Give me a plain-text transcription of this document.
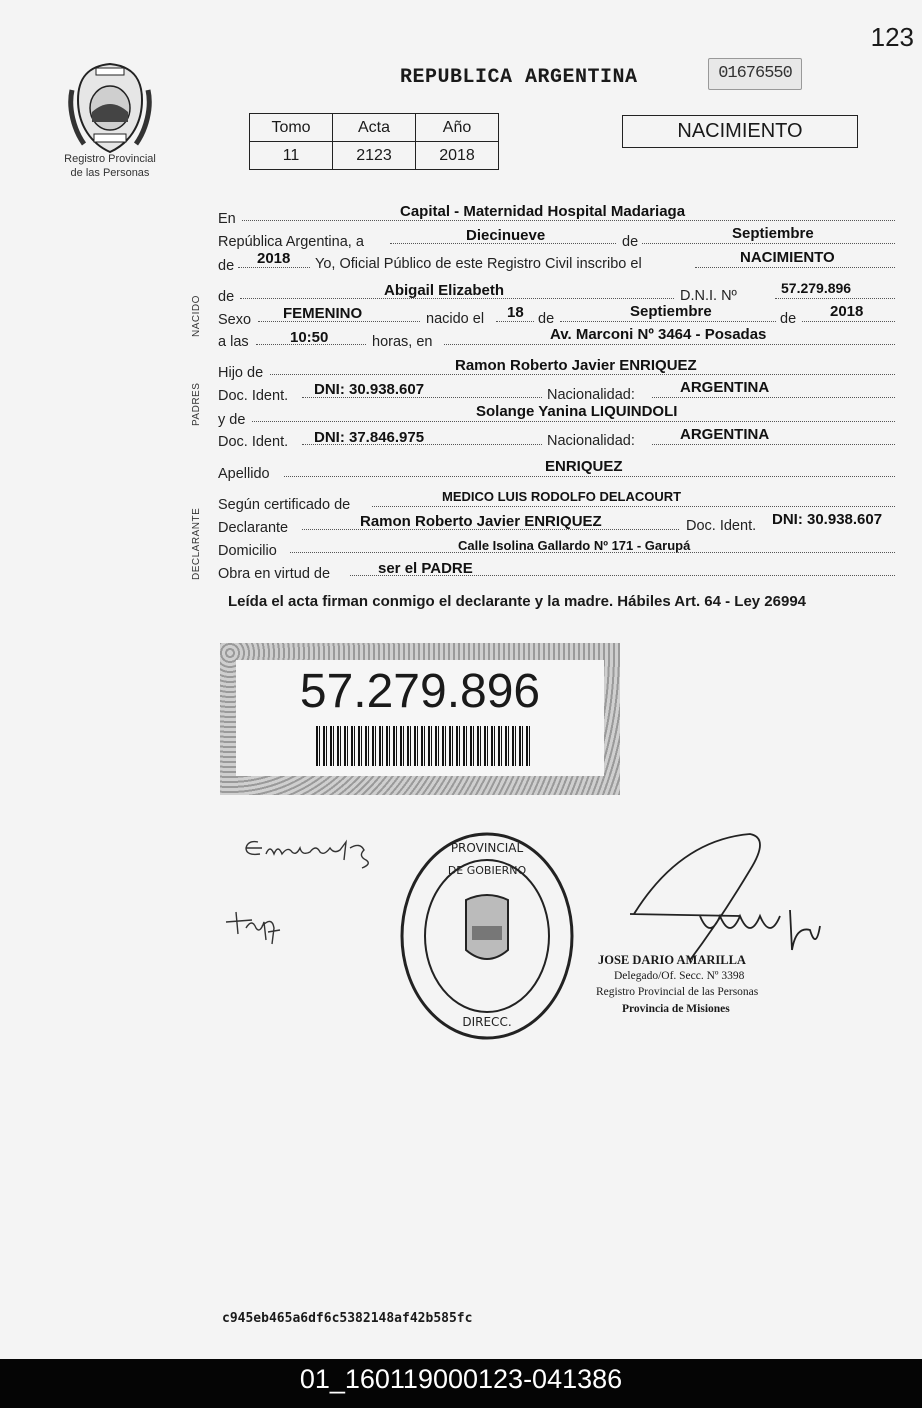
123
Registro Provincial
de las Personas
REPUBLICA ARGENTINA	01676550
Tomo	Acta	Año
11	2123	2018
NACIMIENTO
En	Capital - Maternidad Hospital Madariaga
República Argentina, a	Diecinueve	de	Septiembre
de 2018 Yo, Oficial Público de este Registro Civil inscribo el	NACIMIENTO
NACIDO de	Abigail Elizabeth	D.N.I. Nº	57.279.896
Sexo FEMENINO	nacido el 18 de	Septiembre	de 2018
a las	10:50	horas, en	Av. Marconi Nº 3464 - Posadas
PADRES
Hijo de	Ramon Roberto Javier ENRIQUEZ
Doc. Ident. DNI: 30.938.607	Nacionalidad:	ARGENTINA
y de	Solange Yanina LIQUINDOLI
Doc. Ident. DNI: 37.846.975	Nacionalidad:	ARGENTINA
Apellido	ENRIQUEZ
DECLARANTE
Según certificado de
MEDICO LUIS RODOLFO DELACOURT
Declarante	Ramon Roberto Javier ENRIQUEZ	Doc. Ident. DNI: 30.938.607
Domicilio	Calle Isolina Gallardo Nº 171 - Garupá
Obra en virtud de	ser el PADRE
Leída el acta firman conmigo el declarante y la madre. Hábiles Art. 64 - Ley 26994
57.279.896
PROVINCIAL
DE GOBIERNO
DIRECC.
JOSE DARIO AMARILLA
Delegado/Of. Secc. Nº 3398
Registro Provincial de las Personas
Provincia de Misiones
c945eb465a6df6c5382148af42b585fc
01_160119000123-041386
